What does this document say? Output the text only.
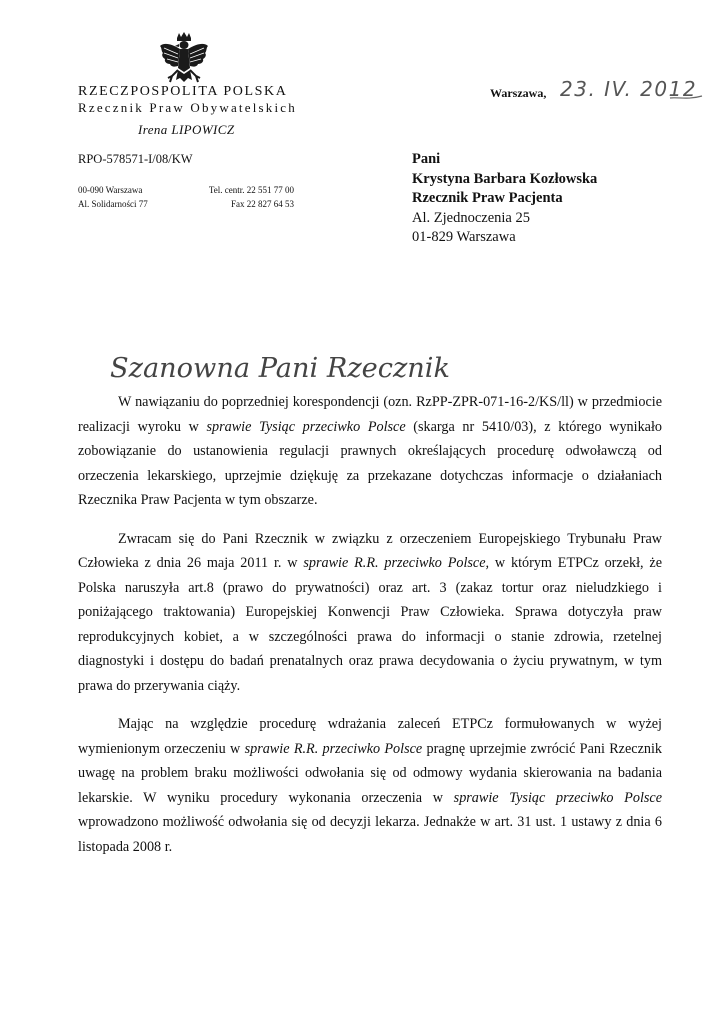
RZECZPOSPOLITA POLSKA
Rzecznik Praw Obywatelskich
Irena LIPOWICZ
RPO-578571-I/08/KW
00-090 Warszawa
Al. Solidarności 77
Tel. centr. 22 551 77 00
Fax 22 827 64 53
Warszawa, 23. IV. 2012
Pani
Krystyna Barbara Kozłowska
Rzecznik Praw Pacjenta
Al. Zjednoczenia 25
01-829 Warszawa
Szanowna Pani Rzecznik

W nawiązaniu do poprzedniej korespondencji (ozn. RzPP-ZPR-071-16-2/KS/ll) w przedmiocie realizacji wyroku w sprawie Tysiąc przeciwko Polsce (skarga nr 5410/03), z którego wynikało zobowiązanie do ustanowienia regulacji prawnych określających procedurę odwoławczą od orzeczenia lekarskiego, uprzejmie dziękuję za przekazane dotychczas informacje o działaniach Rzecznika Praw Pacjenta w tym obszarze.

Zwracam się do Pani Rzecznik w związku z orzeczeniem Europejskiego Trybunału Praw Człowieka z dnia 26 maja 2011 r. w sprawie R.R. przeciwko Polsce, w którym ETPCz orzekł, że Polska naruszyła art.8 (prawo do prywatności) oraz art. 3 (zakaz tortur oraz nieludzkiego i poniżającego traktowania) Europejskiej Konwencji Praw Człowieka. Sprawa dotyczyła praw reprodukcyjnych kobiet, a w szczególności prawa do informacji o stanie zdrowia, rzetelnej diagnostyki i dostępu do badań prenatalnych oraz prawa decydowania o życiu prywatnym, w tym prawa do przerywania ciąży.

Mając na względzie procedurę wdrażania zaleceń ETPCz formułowanych w wyżej wymienionym orzeczeniu w sprawie R.R. przeciwko Polsce pragnę uprzejmie zwrócić Pani Rzecznik uwagę na problem braku możliwości odwołania się od odmowy wydania skierowania na badania lekarskie. W wyniku procedury wykonania orzeczenia w sprawie Tysiąc przeciwko Polsce wprowadzono możliwość odwołania się od decyzji lekarza. Jednakże w art. 31 ust. 1 ustawy z dnia 6 listopada 2008 r.
